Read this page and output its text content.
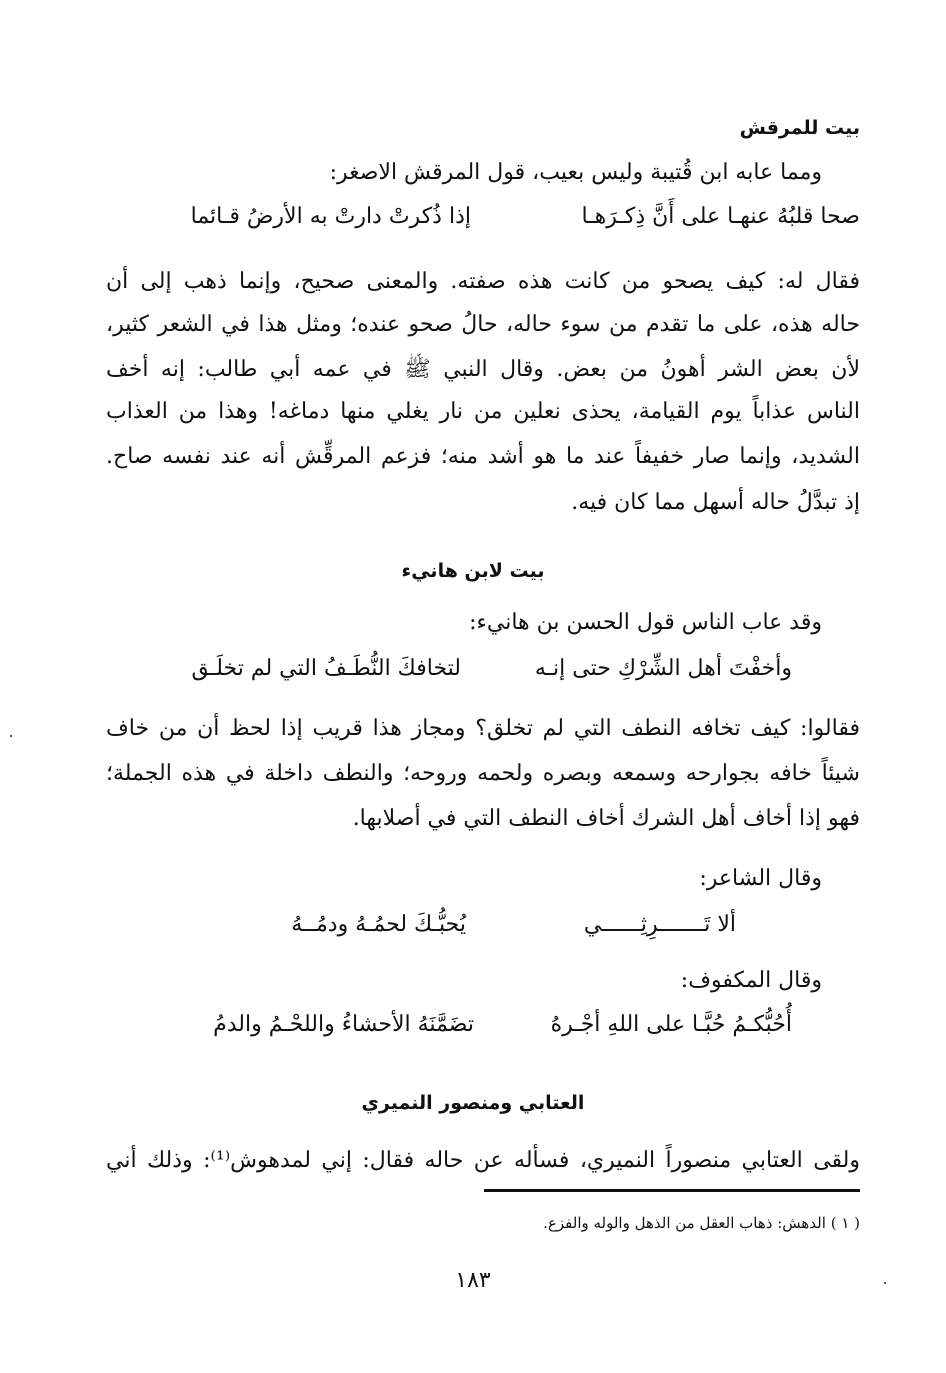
بيت للمرقش
ومما عابه ابن قُتيبة وليس بعيب، قول المرقش الاصغر:
صحا قلبُهُ عنهـا على أَنَّ ذِكـرَهـا
إذا ذُكرتْ دارتْ به الأرضُ قـائما
فقال له: كيف يصحو من كانت هذه صفته. والمعنى صحيح، وإنما ذهب إلى أن
حاله هذه، على ما تقدم من سوء حاله، حالُ صحو عنده؛ ومثل هذا في الشعر كثير،
لأن بعض الشر أهونُ من بعض. وقال النبي ﷺ في عمه أبي طالب: إنه أخف
الناس عذاباً يوم القيامة، يحذى نعلين من نار يغلي منها دماغه! وهذا من العذاب
الشديد، وإنما صار خفيفاً عند ما هو أشد منه؛ فزعم المرقِّش أنه عند نفسه صاح.
إذ تبدَّلُ حاله أسهل مما كان فيه.
بيت لابن هانيء
وقد عاب الناس قول الحسن بن هانيء:
وأخفْتَ أهل الشِّرْكِ حتى إنـه
لتخافكَ النُّطَـفُ التي لم تخلَـق
فقالوا: كيف تخافه النطف التي لم تخلق؟ ومجاز هذا قريب إذا لحظ أن من خاف
شيئاً خافه بجوارحه وسمعه وبصره ولحمه وروحه؛ والنطف داخلة في هذه الجملة؛
فهو إذا أخاف أهل الشرك أخاف النطف التي في أصلابها.
وقال الشاعر:
ألا تَـــــــرِثِــــــي
يُحبُّـكَ لحمُـهُ ودمُــهُ
وقال المكفوف:
أُحُبُّكـمُ حُبَّـا على اللهِ أجْـرهُ
تضَمَّنَهُ الأحشاءُ واللحْـمُ والدمُ
العتابي ومنصور النميري
ولقى العتابي منصوراً النميري، فسأله عن حاله فقال: إني لمدهوش⁽¹⁾: وذلك أني
( ١ ) الدهش: ذهاب العقل من الذهل والوله والفزع.
١٨٣
